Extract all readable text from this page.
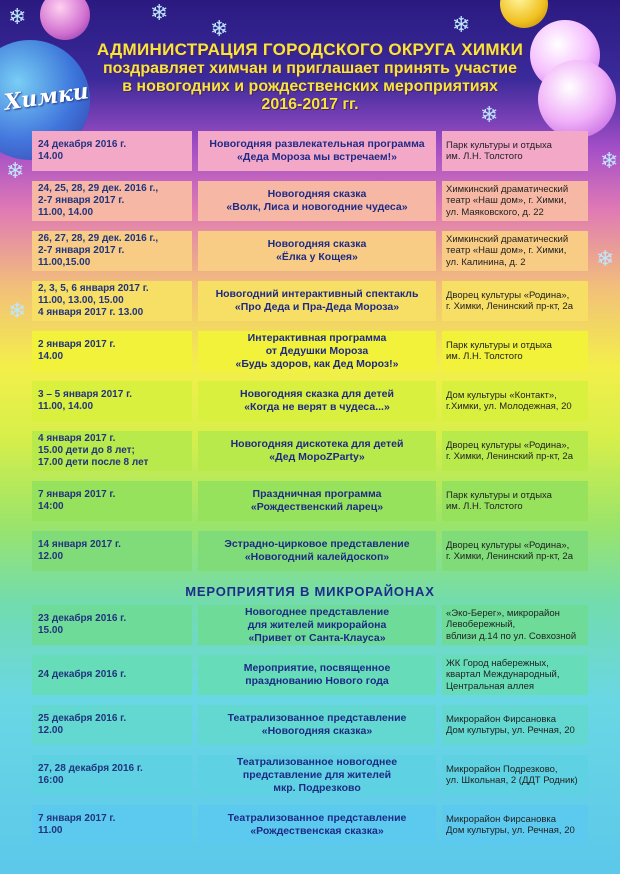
❄	❄
❄	❄
❄
❄
❄
❄
❄
Химки
АДМИНИСТРАЦИЯ ГОРОДСКОГО ОКРУГА ХИМКИ
поздравляет химчан и приглашает принять участие
в новогодних и рождественских мероприятиях
2016-2017 гг.
24 декабря 2016 г.
14.00
Новогодняя развлекательная программа
«Деда Мороза мы встречаем!»
Парк культуры и отдыха
им. Л.Н. Толстого
24, 25, 28, 29 дек. 2016 г.,
2-7 января 2017 г.
11.00, 14.00
Новогодняя сказка
«Волк, Лиса и новогодние чудеса»
Химкинский драматический
театр «Наш дом», г. Химки,
ул. Маяковского, д. 22
26, 27, 28, 29 дек. 2016 г.,
2-7 января 2017 г.
11.00,15.00
Новогодняя сказка
«Ёлка у Кощея»
Химкинский драматический
театр «Наш дом», г. Химки,
ул. Калинина, д. 2
2, 3, 5, 6 января 2017 г.
11.00, 13.00, 15.00
4 января 2017 г. 13.00
Новогодний интерактивный спектакль
«Про Деда и Пра-Деда Мороза»
Дворец культуры «Родина»,
г. Химки, Ленинский пр-кт, 2а
2 января 2017 г.
14.00
Интерактивная программа
от Дедушки Мороза
«Будь здоров, как Дед Мороз!»
Парк культуры и отдыха
им. Л.Н. Толстого
3 – 5 января 2017 г.
11.00, 14.00
Новогодняя сказка для детей
«Когда не верят в чудеса...»
Дом культуры «Контакт»,
г.Химки, ул. Молодежная, 20
4 января 2017 г.
15.00 дети до 8 лет;
17.00 дети после 8 лет
Новогодняя дискотека для детей
«Дед МороZParty»
Дворец культуры «Родина»,
г. Химки, Ленинский пр-кт, 2а
7 января 2017 г.
14:00
Праздничная программа
«Рождественский ларец»
Парк культуры и отдыха
им. Л.Н. Толстого
14 января 2017 г.
12.00
Эстрадно-цирковое представление
«Новогодний калейдоскоп»
Дворец культуры «Родина»,
г. Химки, Ленинский пр-кт, 2а
МЕРОПРИЯТИЯ В МИКРОРАЙОНАХ
23 декабря 2016 г.
15.00
Новогоднее представление
для жителей микрорайона
«Привет от Санта-Клауса»
«Эко-Берег», микрорайон
Левобережный,
вблизи д.14 по ул. Совхозной
24 декабря 2016 г.
Мероприятие, посвященное
празднованию Нового года
ЖК Город набережных,
квартал Международный,
Центральная аллея
25 декабря 2016 г.
12.00
Театрализованное представление
«Новогодняя сказка»
Микрорайон Фирсановка
Дом культуры, ул. Речная, 20
27, 28 декабря 2016 г.
16:00
Театрализованное новогоднее
представление для жителей
мкр. Подрезково
Микрорайон Подрезково,
ул. Школьная, 2 (ДДТ Родник)
7 января 2017 г.
11.00
Театрализованное представление
«Рождественская сказка»
Микрорайон Фирсановка
Дом культуры, ул. Речная, 20
